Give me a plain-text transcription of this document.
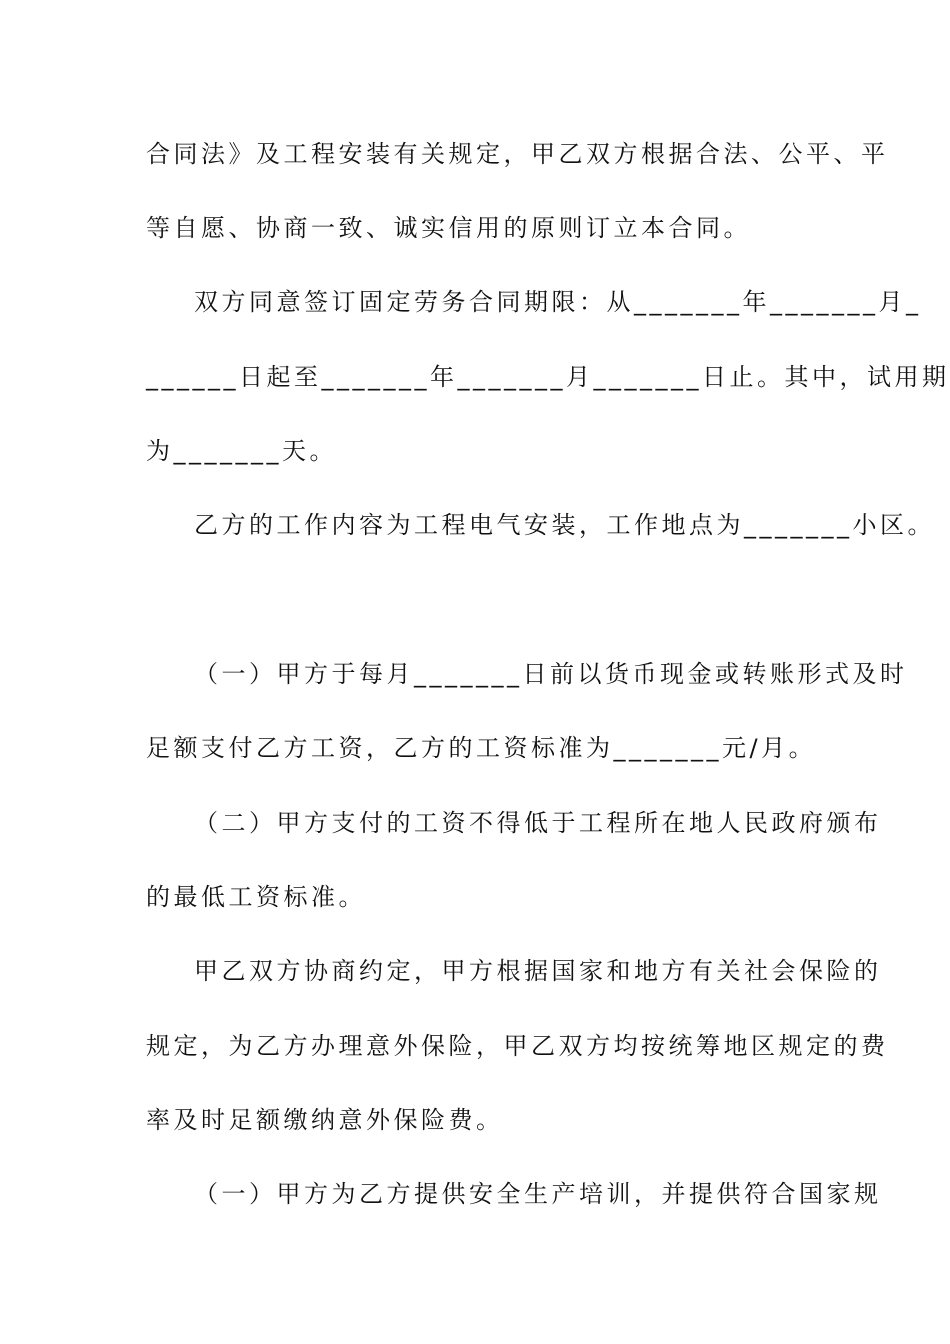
合同法》及工程安装有关规定，甲乙双方根据合法、公平、平
等自愿、协商一致、诚实信用的原则订立本合同。
双方同意签订固定劳务合同期限：从_______年_______月_
______日起至_______年_______月_______日止。其中，试用期
为_______天。
乙方的工作内容为工程电气安装，工作地点为_______小区。
（一）甲方于每月_______日前以货币现金或转账形式及时
足额支付乙方工资，乙方的工资标准为_______元/月。
（二）甲方支付的工资不得低于工程所在地人民政府颁布
的最低工资标准。
甲乙双方协商约定，甲方根据国家和地方有关社会保险的
规定，为乙方办理意外保险，甲乙双方均按统筹地区规定的费
率及时足额缴纳意外保险费。
（一）甲方为乙方提供安全生产培训，并提供符合国家规
